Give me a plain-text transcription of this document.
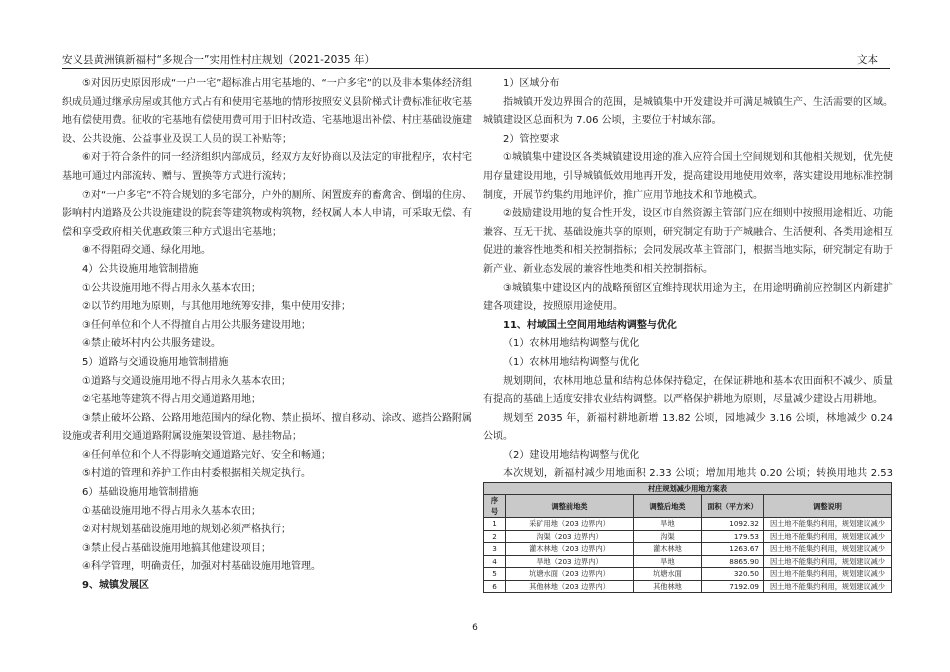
安义县黄洲镇新福村“多规合一”实用性村庄规划（2021-2035 年）	文本

⑤对因历史原因形成“一户一宅”超标准占用宅基地的、“一户多宅”的以及非本集体经济组织成员通过继承房屋或其他方式占有和使用宅基地的情形按照安义县阶梯式计费标准征收宅基地有偿使用费。征收的宅基地有偿使用费可用于旧村改造、宅基地退出补偿、村庄基础设施建设、公共设施、公益事业及误工人员的误工补贴等；

⑥对于符合条件的同一经济组织内部成员，经双方友好协商以及法定的审批程序，农村宅基地可通过内部流转、赠与、置换等方式进行流转；

⑦对“一户多宅”不符合规划的多宅部分，户外的厕所、闲置废弃的畜禽舍、倒塌的住房、影响村内道路及公共设施建设的院套等建筑物或构筑物，经权属人本人申请，可采取无偿、有偿和享受政府相关优惠政策三种方式退出宅基地；

⑧不得阻碍交通、绿化用地。

4）公共设施用地管制措施

①公共设施用地不得占用永久基本农田；

②以节约用地为原则，与其他用地统筹安排，集中使用安排；

③任何单位和个人不得擅自占用公共服务建设用地；

④禁止破坏村内公共服务建设。

5）道路与交通设施用地管制措施

①道路与交通设施用地不得占用永久基本农田；

②宅基地等建筑不得占用交通道路用地；

③禁止破坏公路、公路用地范围内的绿化物、禁止损坏、擅自移动、涂改、遮挡公路附属设施或者利用交通道路附属设施架设管道、悬挂物品；

④任何单位和个人不得影响交通道路完好、安全和畅通；

⑤村道的管理和养护工作由村委根据相关规定执行。

6）基础设施用地管制措施

①基础设施用地不得占用永久基本农田；

②对村规划基础设施用地的规划必须严格执行；

③禁止侵占基础设施用地搞其他建设项目；

④科学管理，明确责任，加强对村基础设施用地管理。

9、城镇发展区

1）区域分布

指城镇开发边界围合的范围，是城镇集中开发建设并可满足城镇生产、生活需要的区域。城镇建设区总面积为 7.06 公顷，主要位于村域东部。

2）管控要求

①城镇集中建设区各类城镇建设用途的准入应符合国土空间规划和其他相关规划，优先使用存量建设用地，引导城镇低效用地再开发，提高建设用地使用效率，落实建设用地标准控制制度，开展节约集约用地评价，推广应用节地技术和节地模式。

②鼓励建设用地的复合性开发，设区市自然资源主管部门应在细则中按照用途相近、功能兼容、互无干扰、基础设施共享的原则，研究制定有助于产城融合、生活便利、各类用途相互促进的兼容性地类和相关控制指标；会同发展改革主管部门，根据当地实际，研究制定有助于新产业、新业态发展的兼容性地类和相关控制指标。

③城镇集中建设区内的战略预留区宜维持现状用途为主，在用途明确前应控制区内新建扩建各项建设，按照原用途使用。

11、村域国土空间用地结构调整与优化

（1）农林用地结构调整与优化

（1）农林用地结构调整与优化

规划期间，农林用地总量和结构总体保持稳定，在保证耕地和基本农田面积不减少、质量有提高的基础上适度安排农业结构调整。以严格保护耕地为原则，尽量减少建设占用耕地。

规划至 2035 年，新福村耕地新增 13.82 公顷，园地减少 3.16 公顷，林地减少 0.24 公顷。

（2）建设用地结构调整与优化

本次规划，新福村减少用地面积 2.33 公顷；增加用地共 0.20 公顷；转换用地共 2.53

村庄规划减少用地方案表				
序
号	调整前地类	调整后地类	面积（平方米）	调整说明
1	采矿用地（203 边界内）	旱地	1092.32	因土地不能集约利用，规划建议减少
2	沟渠（203 边界内）	沟渠	179.53	因土地不能集约利用，规划建议减少
3	灌木林地（203 边界内）	灌木林地	1263.67	因土地不能集约利用，规划建议减少
4	旱地（203 边界内）	旱地	8865.90	因土地不能集约利用，规划建议减少
5	坑塘水面（203 边界内）	坑塘水面	320.50	因土地不能集约利用，规划建议减少
6	其他林地（203 边界内）	其他林地	7192.09	因土地不能集约利用，规划建议减少
6
